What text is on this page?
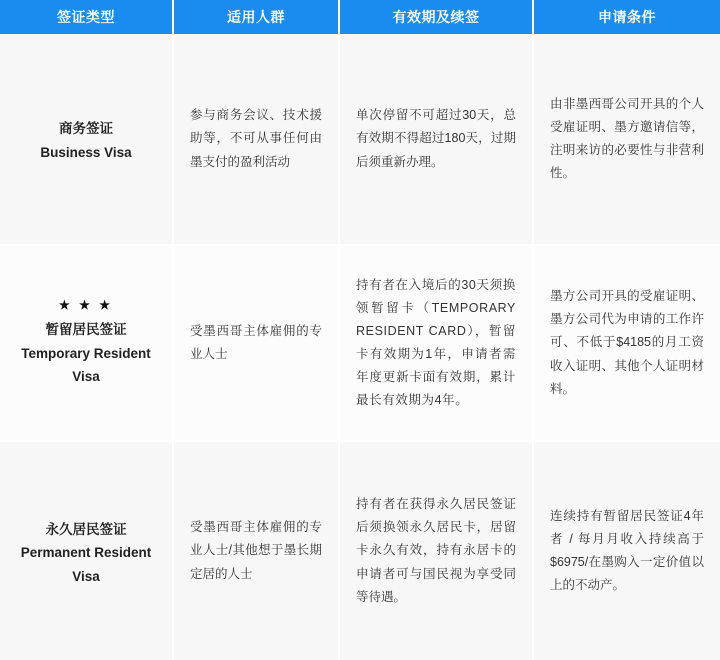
签证类型	适用人群	有效期及续签	申请条件

商务签证
Business Visa	参与商务会议、技术援助等，不可从事任何由墨支付的盈利活动	单次停留不可超过30天，总有效期不得超过180天，过期后须重新办理。	由非墨西哥公司开具的个人受雇证明、墨方邀请信等，注明来访的必要性与非营利性。

★ ★ ★
暂留居民签证
Temporary Resident Visa	受墨西哥主体雇佣的专业人士	持有者在入境后的30天须换领暂留卡（TEMPORARY RESIDENT CARD），暂留卡有效期为1年，申请者需年度更新卡面有效期，累计最长有效期为4年。	墨方公司开具的受雇证明、墨方公司代为申请的工作许可、不低于$4185的月工资收入证明、其他个人证明材料。

永久居民签证
Permanent Resident Visa	受墨西哥主体雇佣的专业人士/其他想于墨长期定居的人士	持有者在获得永久居民签证后须换领永久居民卡，居留卡永久有效，持有永居卡的申请者可与国民视为享受同等待遇。	连续持有暂留居民签证4年者 / 每月月收入持续高于$6975/在墨购入一定价值以上的不动产。
